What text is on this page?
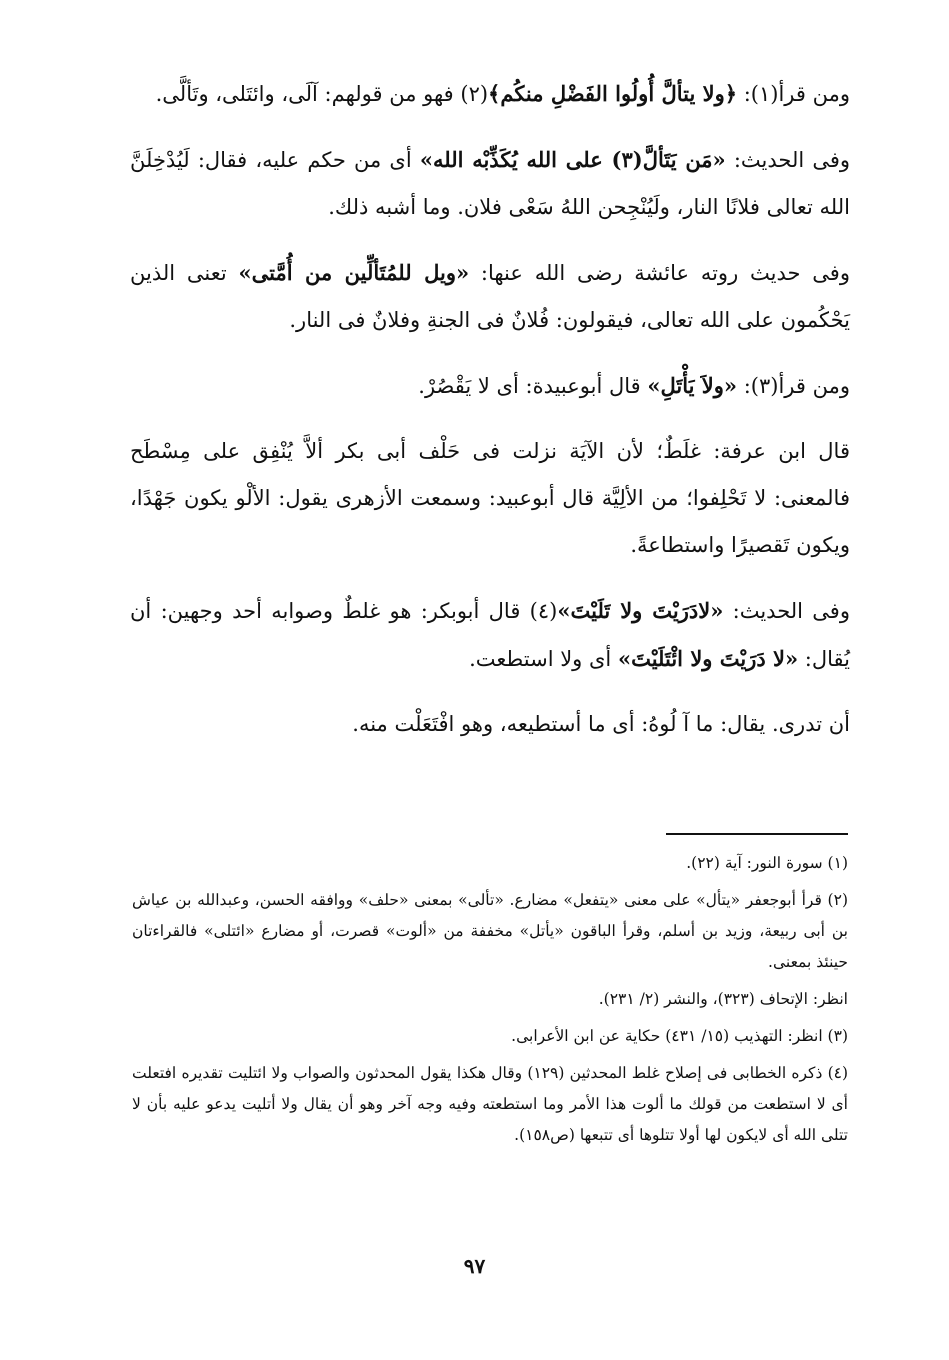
ومن قرأ(١): ﴿ولا يتألَّ أُولُوا الفَضْلِ منكُم﴾(٢) فهو من قولهم: آلَى، وائتَلى، وتَألَّى.

وفى الحديث: «مَن يَتَألَّ(٣) على الله يُكَذِّبْه الله» أى من حكم عليه، فقال: لَيُدْخِلَنَّ الله تعالى فلانًا النار، ولَيُنْجِحن اللهُ سَعْى فلان. وما أشبه ذلك.

وفى حديث روته عائشة رضى الله عنها: «ويل للمُتَألِّين من أُمَّتى» تعنى الذين يَحْكُمون على الله تعالى، فيقولون: فُلانٌ فى الجنةِ وفلانٌ فى النار.

ومن قرأ(٣): «ولاَ يَأْتَلِ» قال أبوعبيدة: أى لا يَقْصُرْ.

قال ابن عرفة: غلَطٌ؛ لأن الآيَة نزلت فى حَلْف أبى بكر ألاَّ يُنْفِق على مِسْطَح فالمعنى: لا تَحْلِفوا؛ من الألِيَّة قال أبوعبيد: وسمعت الأزهرى يقول: الألْو يكون جَهْدًا، ويكون تَقصيرًا واستطاعةً.

وفى الحديث: «لادَرَيْتَ ولا تَلَيْتَ»(٤) قال أبوبكر: هو غلطٌ وصوابه أحد وجهين: أن يُقال: «لا دَرَيْتَ ولا ائْتَلَيْتَ» أى ولا استطعت.

أن تدرى. يقال: ما آ لُوهُ: أى ما أستطيعه، وهو افْتَعَلْت منه.

(١) سورة النور: آية (٢٢).

(٢) قرأ أبوجعفر «يتأل» على معنى «يتفعل» مضارع. «تألى» بمعنى «حلف» ووافقه الحسن، وعبدالله بن عياش بن أبى ربيعة، وزيد بن أسلم، وقرأ الباقون «يأتل» مخففة من «ألوت» قصرت، أو مضارع «ائتلى» فالقراءتان حينئذ بمعنى.

انظر: الإتحاف (٣٢٣)، والنشر (٢/ ٢٣١).

(٣) انظر: التهذيب (١٥/ ٤٣١) حكاية عن ابن الأعرابى.

(٤) ذكره الخطابى فى إصلاح غلط المحدثين (١٢٩) وقال هكذا يقول المحدثون والصواب ولا ائتليت تقديره افتعلت أى لا استطعت من قولك ما ألوت هذا الأمر وما استطعته وفيه وجه آخر وهو أن يقال ولا أتليت يدعو عليه بأن لا تتلى الله أى لايكون لها أولا تتلوها أى تتبعها (ص١٥٨).

٩٧
